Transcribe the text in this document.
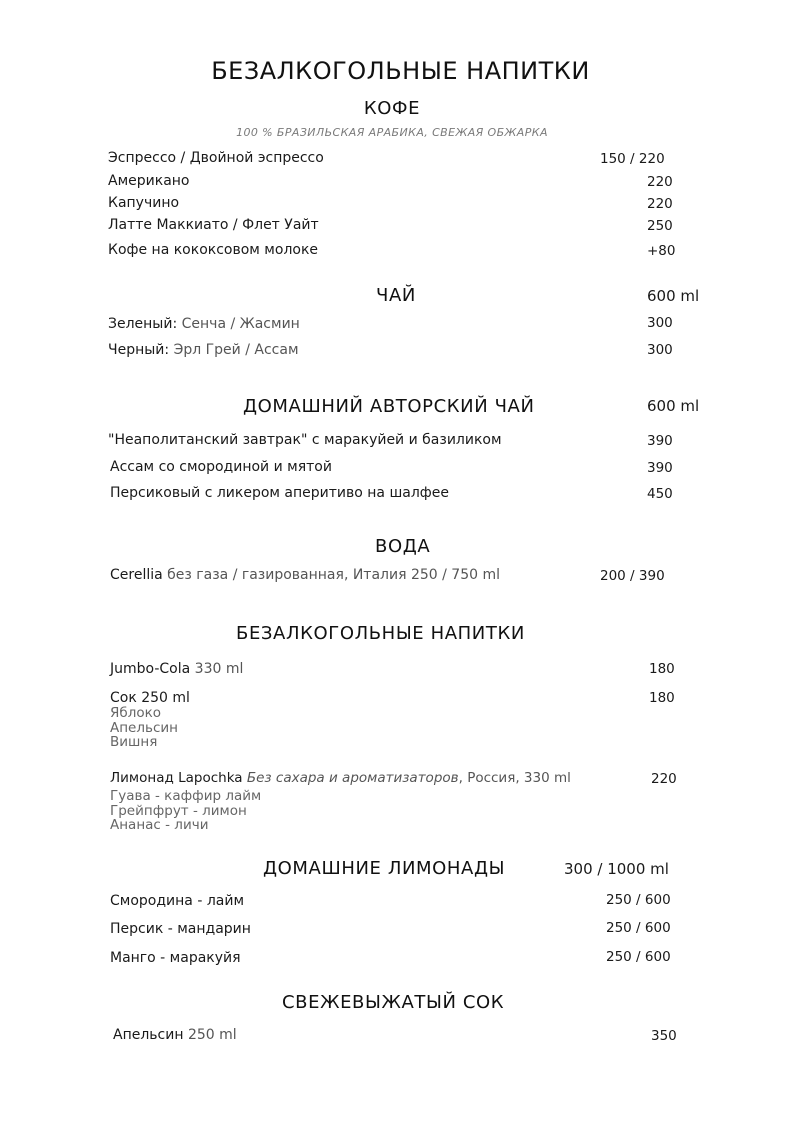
БЕЗАЛКОГОЛЬНЫЕ НАПИТКИ
КОФЕ
100 % БРАЗИЛЬСКАЯ АРАБИКА, СВЕЖАЯ ОБЖАРКА
Эспрессо / Двойной эспрессо	150 / 220
Американо	220
Капучино	220
Латте Маккиато / Флет Уайт	250
Кофе на кококсовом молоке	+80
ЧАЙ	600 ml
Зеленый: Сенча / Жасмин	300
Черный: Эрл Грей / Ассам	300
ДОМАШНИЙ АВТОРСКИЙ ЧАЙ	600 ml
"Неаполитанский завтрак" с маракуйей и базиликом	390
Ассам со смородиной и мятой	390
Персиковый с ликером аперитиво на шалфее	450
ВОДА
Cerellia без газа / газированная, Италия 250 / 750 ml	200 / 390
БЕЗАЛКОГОЛЬНЫЕ НАПИТКИ
Jumbo-Cola 330 ml	180
Сок 250 ml	180
Яблоко
Апельсин
Вишня
Лимонад Lapochka Без сахара и ароматизаторов, Россия, 330 ml	220
Гуава - каффир лайм
Грейпфрут - лимон
Ананас - личи
ДОМАШНИЕ ЛИМОНАДЫ	300 / 1000 ml
Смородина - лайм	250 / 600
Персик - мандарин	250 / 600
Манго - маракуйя	250 / 600
СВЕЖЕВЫЖАТЫЙ СОК
Апельсин 250 ml	350
